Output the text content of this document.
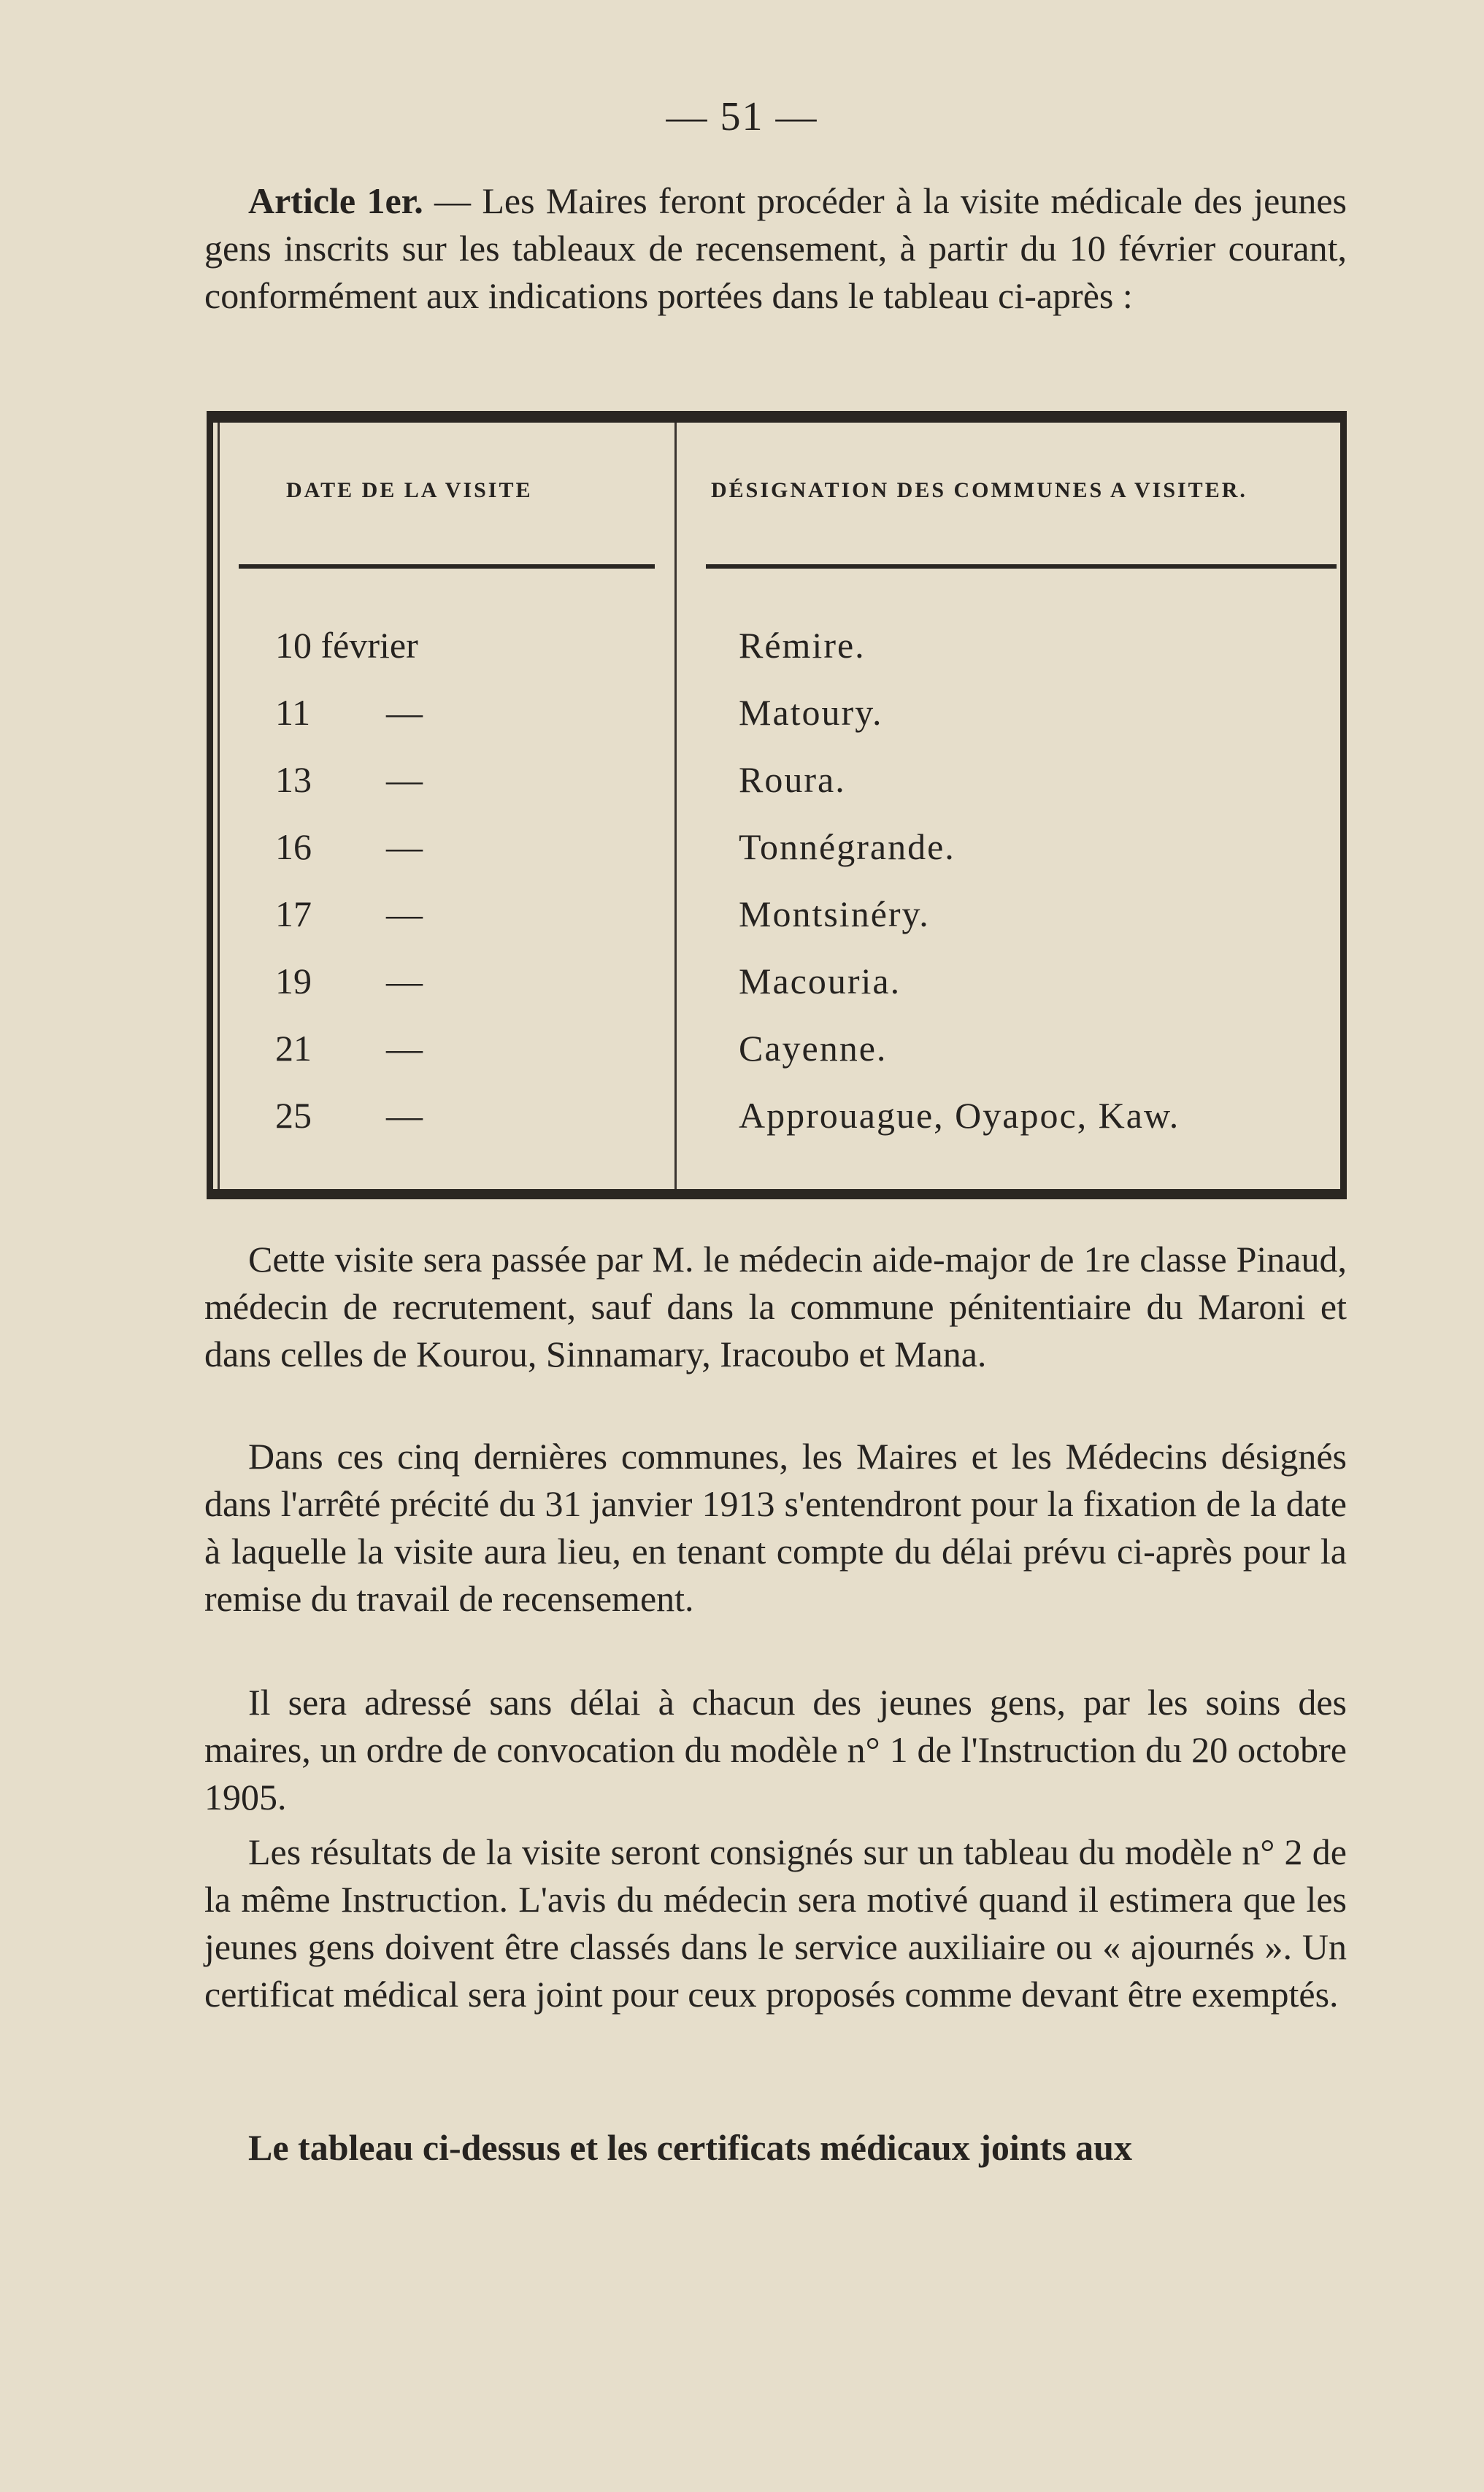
— 51 —

Article 1er. — Les Maires feront procéder à la visite médicale des jeunes gens inscrits sur les tableaux de recensement, à partir du 10 février courant, conformément aux indications portées dans le tableau ci-après :

DATE DE LA VISITE	DÉSIGNATION DES COMMUNES A VISITER.
10 février	Rémire.
11 —	Matoury.
13 —	Roura.
16 —	Tonnégrande.
17 —	Montsinéry.
19 —	Macouria.
21 —	Cayenne.
25 —	Approuague, Oyapoc, Kaw.

Cette visite sera passée par M. le médecin aide-major de 1re classe Pinaud, médecin de recrutement, sauf dans la commune pénitentiaire du Maroni et dans celles de Kourou, Sinnamary, Iracoubo et Mana.

Dans ces cinq dernières communes, les Maires et les Médecins désignés dans l'arrêté précité du 31 janvier 1913 s'entendront pour la fixation de la date à laquelle la visite aura lieu, en tenant compte du délai prévu ci-après pour la remise du travail de recensement.

Il sera adressé sans délai à chacun des jeunes gens, par les soins des maires, un ordre de convocation du modèle n° 1 de l'Instruction du 20 octobre 1905.

Les résultats de la visite seront consignés sur un tableau du modèle n° 2 de la même Instruction. L'avis du médecin sera motivé quand il estimera que les jeunes gens doivent être classés dans le service auxiliaire ou « ajournés ». Un certificat médical sera joint pour ceux proposés comme devant être exemptés.

Le tableau ci-dessus et les certificats médicaux joints aux
